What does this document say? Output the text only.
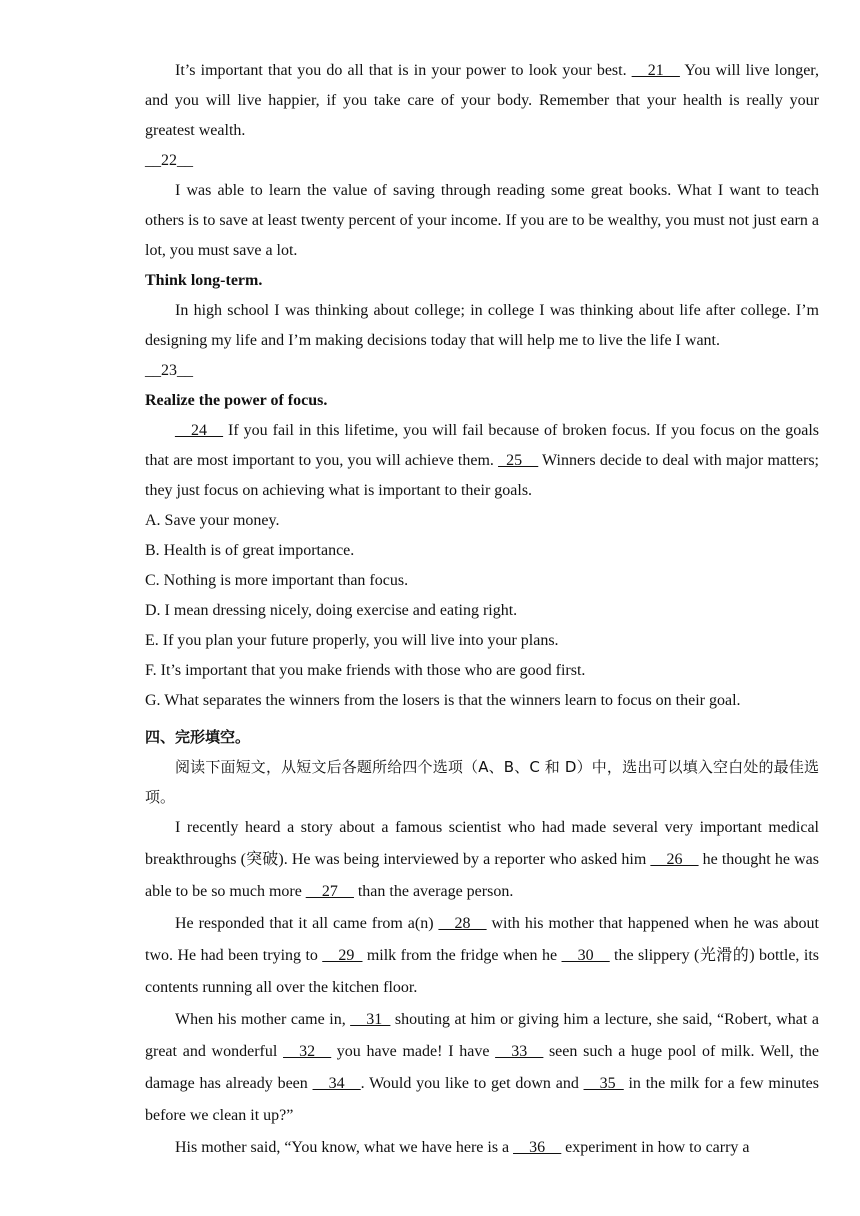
It’s important that you do all that is in your power to look your best. __21__ You will live longer, and you will live happier, if you take care of your body. Remember that your health is really your greatest wealth.

__22__

I was able to learn the value of saving through reading some great books. What I want to teach others is to save at least twenty percent of your income. If you are to be wealthy, you must not just earn a lot, you must save a lot.

Think long-term.

In high school I was thinking about college; in college I was thinking about life after college. I’m designing my life and I’m making decisions today that will help me to live the life I want.

__23__

Realize the power of focus.

__24__ If you fail in this lifetime, you will fail because of broken focus. If you focus on the goals that are most important to you, you will achieve them. _25__ Winners decide to deal with major matters; they just focus on achieving what is important to their goals.

A. Save your money.

B. Health is of great importance.

C. Nothing is more important than focus.

D. I mean dressing nicely, doing exercise and eating right.

E. If you plan your future properly, you will live into your plans.

F. It’s important that you make friends with those who are good first.

G. What separates the winners from the losers is that the winners learn to focus on their goal.

四、完形填空。

阅读下面短文，从短文后各题所给四个选项（A、B、C 和 D）中，选出可以填入空白处的最佳选项。

I recently heard a story about a famous scientist who had made several very important medical breakthroughs (突破). He was being interviewed by a reporter who asked him __26__ he thought he was able to be so much more __27__ than the average person.

He responded that it all came from a(n) __28__ with his mother that happened when he was about two. He had been trying to __29_ milk from the fridge when he __30__ the slippery (光滑的) bottle, its contents running all over the kitchen floor.

When his mother came in, __31_ shouting at him or giving him a lecture, she said, “Robert, what a great and wonderful __32__ you have made! I have __33__ seen such a huge pool of milk. Well, the damage has already been __34__. Would you like to get down and __35_ in the milk for a few minutes before we clean it up?”

His mother said, “You know, what we have here is a __36__ experiment in how to carry a
